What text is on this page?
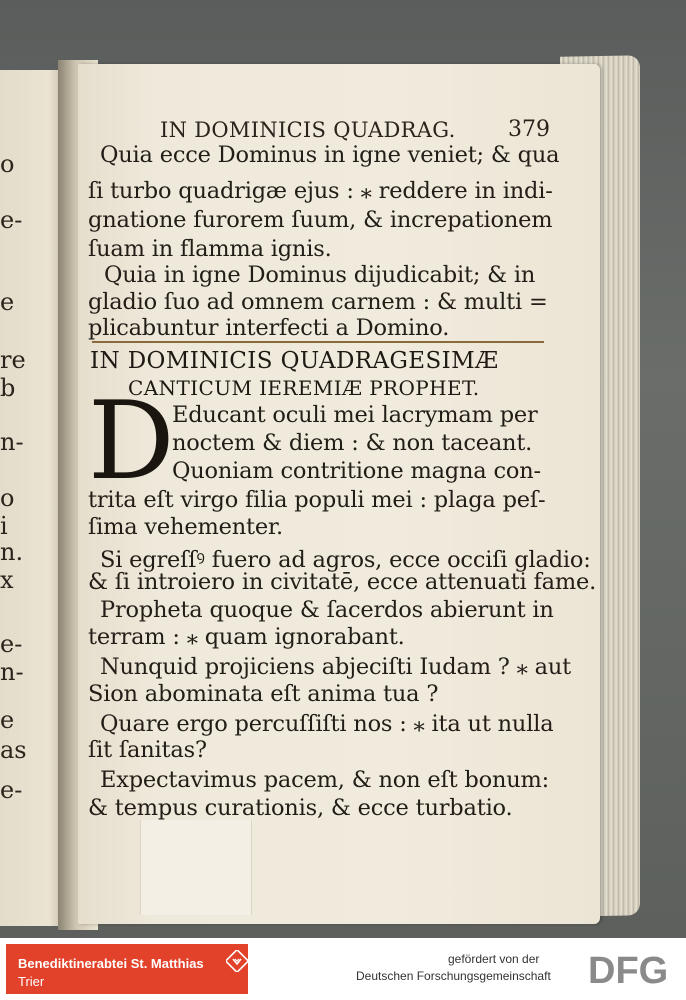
o
e-
e
re
b
n-
o
i
n.
x
e-
n-
e
as
e-
IN DOMINICIS QUADRAG. 379
Quia ecce Dominus in igne veniet; & qua
ſi turbo quadrigæ ejus : ⁎ reddere in indi-
gnatione furorem ſuum, & increpationem
ſuam in flamma ignis.
Quia in igne Dominus dijudicabit; & in
gladio ſuo ad omnem carnem : & multi =
plicabuntur interfecti a Domino.
IN DOMINICIS QUADRAGESIMÆ
CANTICUM IEREMIÆ PROPHET.
D
Educant oculi mei lacrymam per
noctem & diem : & non taceant.
Quoniam contritione magna con-
trita eſt virgo filia populi mei : plaga peſ-
ſima vehementer.
Si egreſſꝰ fuero ad agros, ecce occiſi gladio:
& ſi introiero in civitatē, ecce attenuati fame.
Propheta quoque & ſacerdos abierunt in
terram : ⁎ quam ignorabant.
Nunquid projiciens abjeciſti Iudam ? ⁎ aut
Sion abominata eſt anima tua ?
Quare ergo percuſſiſti nos : ⁎ ita ut nulla
ſit ſanitas?
Expectavimus pacem, & non eſt bonum:
& tempus curationis, & ecce turbatio.
Benediktinerabtei St. Matthias
Trier
gefördert von der
Deutschen Forschungsgemeinschaft DFG
